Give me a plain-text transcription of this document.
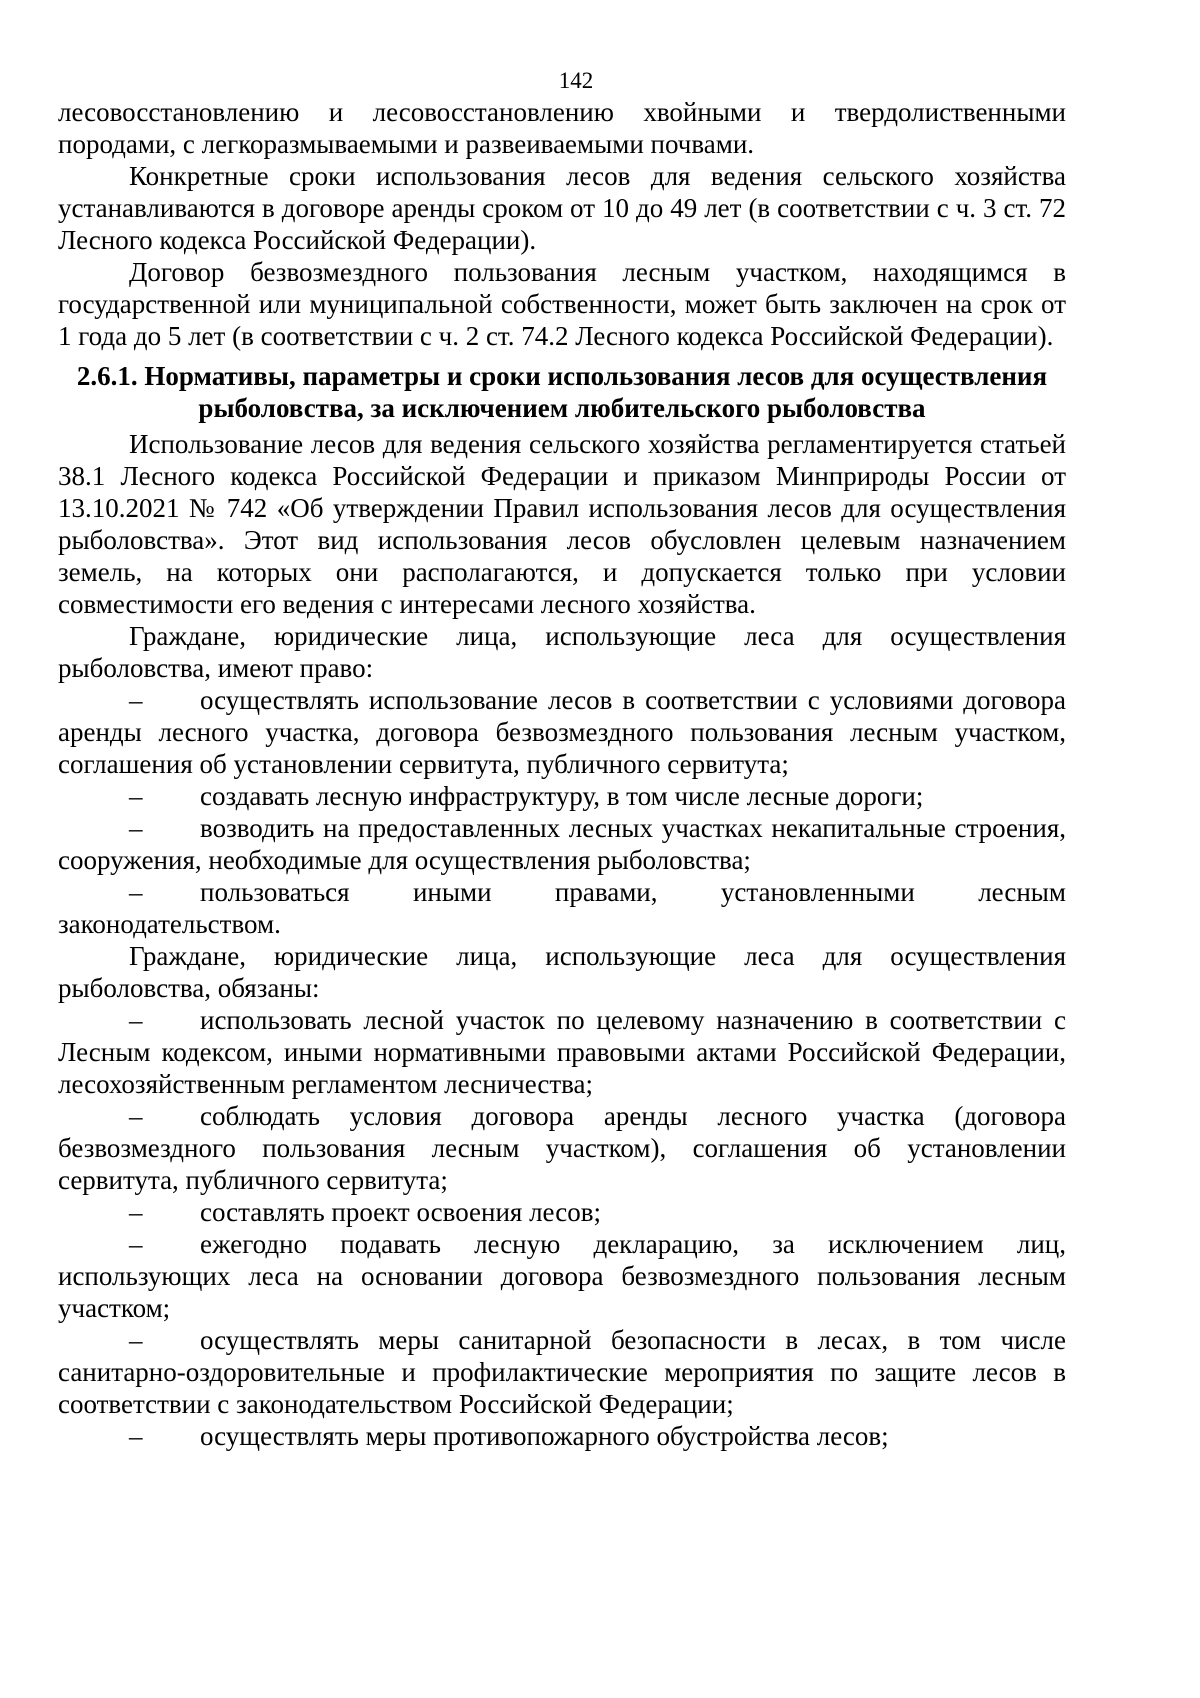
142

лесовосстановлению и лесовосстановлению хвойными и твердолиственными породами, с легкоразмываемыми и развеиваемыми почвами.

Конкретные сроки использования лесов для ведения сельского хозяйства устанавливаются в договоре аренды сроком от 10 до 49 лет (в соответствии с ч. 3 ст. 72 Лесного кодекса Российской Федерации).

Договор безвозмездного пользования лесным участком, находящимся в государственной или муниципальной собственности, может быть заключен на срок от 1 года до 5 лет (в соответствии с ч. 2 ст. 74.2 Лесного кодекса Российской Федерации).

2.6.1. Нормативы, параметры и сроки использования лесов для осуществления рыболовства, за исключением любительского рыболовства

Использование лесов для ведения сельского хозяйства регламентируется статьей 38.1 Лесного кодекса Российской Федерации и приказом Минприроды России от 13.10.2021 № 742 «Об утверждении Правил использования лесов для осуществления рыболовства». Этот вид использования лесов обусловлен целевым назначением земель, на которых они располагаются, и допускается только при условии совместимости его ведения с интересами лесного хозяйства.

Граждане, юридические лица, использующие леса для осуществления рыболовства, имеют право:

– осуществлять использование лесов в соответствии с условиями договора аренды лесного участка, договора безвозмездного пользования лесным участком, соглашения об установлении сервитута, публичного сервитута;

– создавать лесную инфраструктуру, в том числе лесные дороги;

– возводить на предоставленных лесных участках некапитальные строения, сооружения, необходимые для осуществления рыболовства;

– пользоваться иными правами, установленными лесным законодательством.

Граждане, юридические лица, использующие леса для осуществления рыболовства, обязаны:

– использовать лесной участок по целевому назначению в соответствии с Лесным кодексом, иными нормативными правовыми актами Российской Федерации, лесохозяйственным регламентом лесничества;

– соблюдать условия договора аренды лесного участка (договора безвозмездного пользования лесным участком), соглашения об установлении сервитута, публичного сервитута;

– составлять проект освоения лесов;

– ежегодно подавать лесную декларацию, за исключением лиц, использующих леса на основании договора безвозмездного пользования лесным участком;

– осуществлять меры санитарной безопасности в лесах, в том числе санитарно-оздоровительные и профилактические мероприятия по защите лесов в соответствии с законодательством Российской Федерации;

– осуществлять меры противопожарного обустройства лесов;
